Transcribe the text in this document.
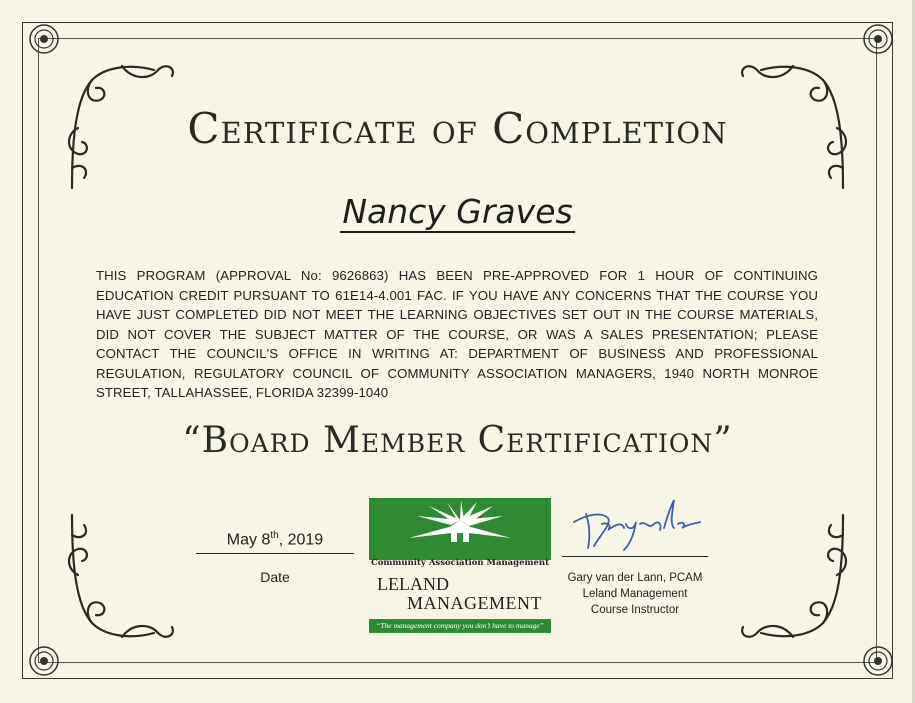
Certificate of Completion
Nancy Graves
THIS PROGRAM (APPROVAL No: 9626863) HAS BEEN PRE-APPROVED FOR 1 HOUR OF CONTINUING EDUCATION CREDIT PURSUANT TO 61E14-4.001 FAC. IF YOU HAVE ANY CONCERNS THAT THE COURSE YOU HAVE JUST COMPLETED DID NOT MEET THE LEARNING OBJECTIVES SET OUT IN THE COURSE MATERIALS, DID NOT COVER THE SUBJECT MATTER OF THE COURSE, OR WAS A SALES PRESENTATION; PLEASE CONTACT THE COUNCIL'S OFFICE IN WRITING AT: DEPARTMENT OF BUSINESS AND PROFESSIONAL REGULATION, REGULATORY COUNCIL OF COMMUNITY ASSOCIATION MANAGERS, 1940 NORTH MONROE STREET, TALLAHASSEE, FLORIDA 32399-1040
“Board Member Certification”
May 8th, 2019
Date
Community Association Management
LELAND
MANAGEMENT
“The management company you don’t have to manage”
Gary van der Lann, PCAM
Leland Management
Course Instructor
